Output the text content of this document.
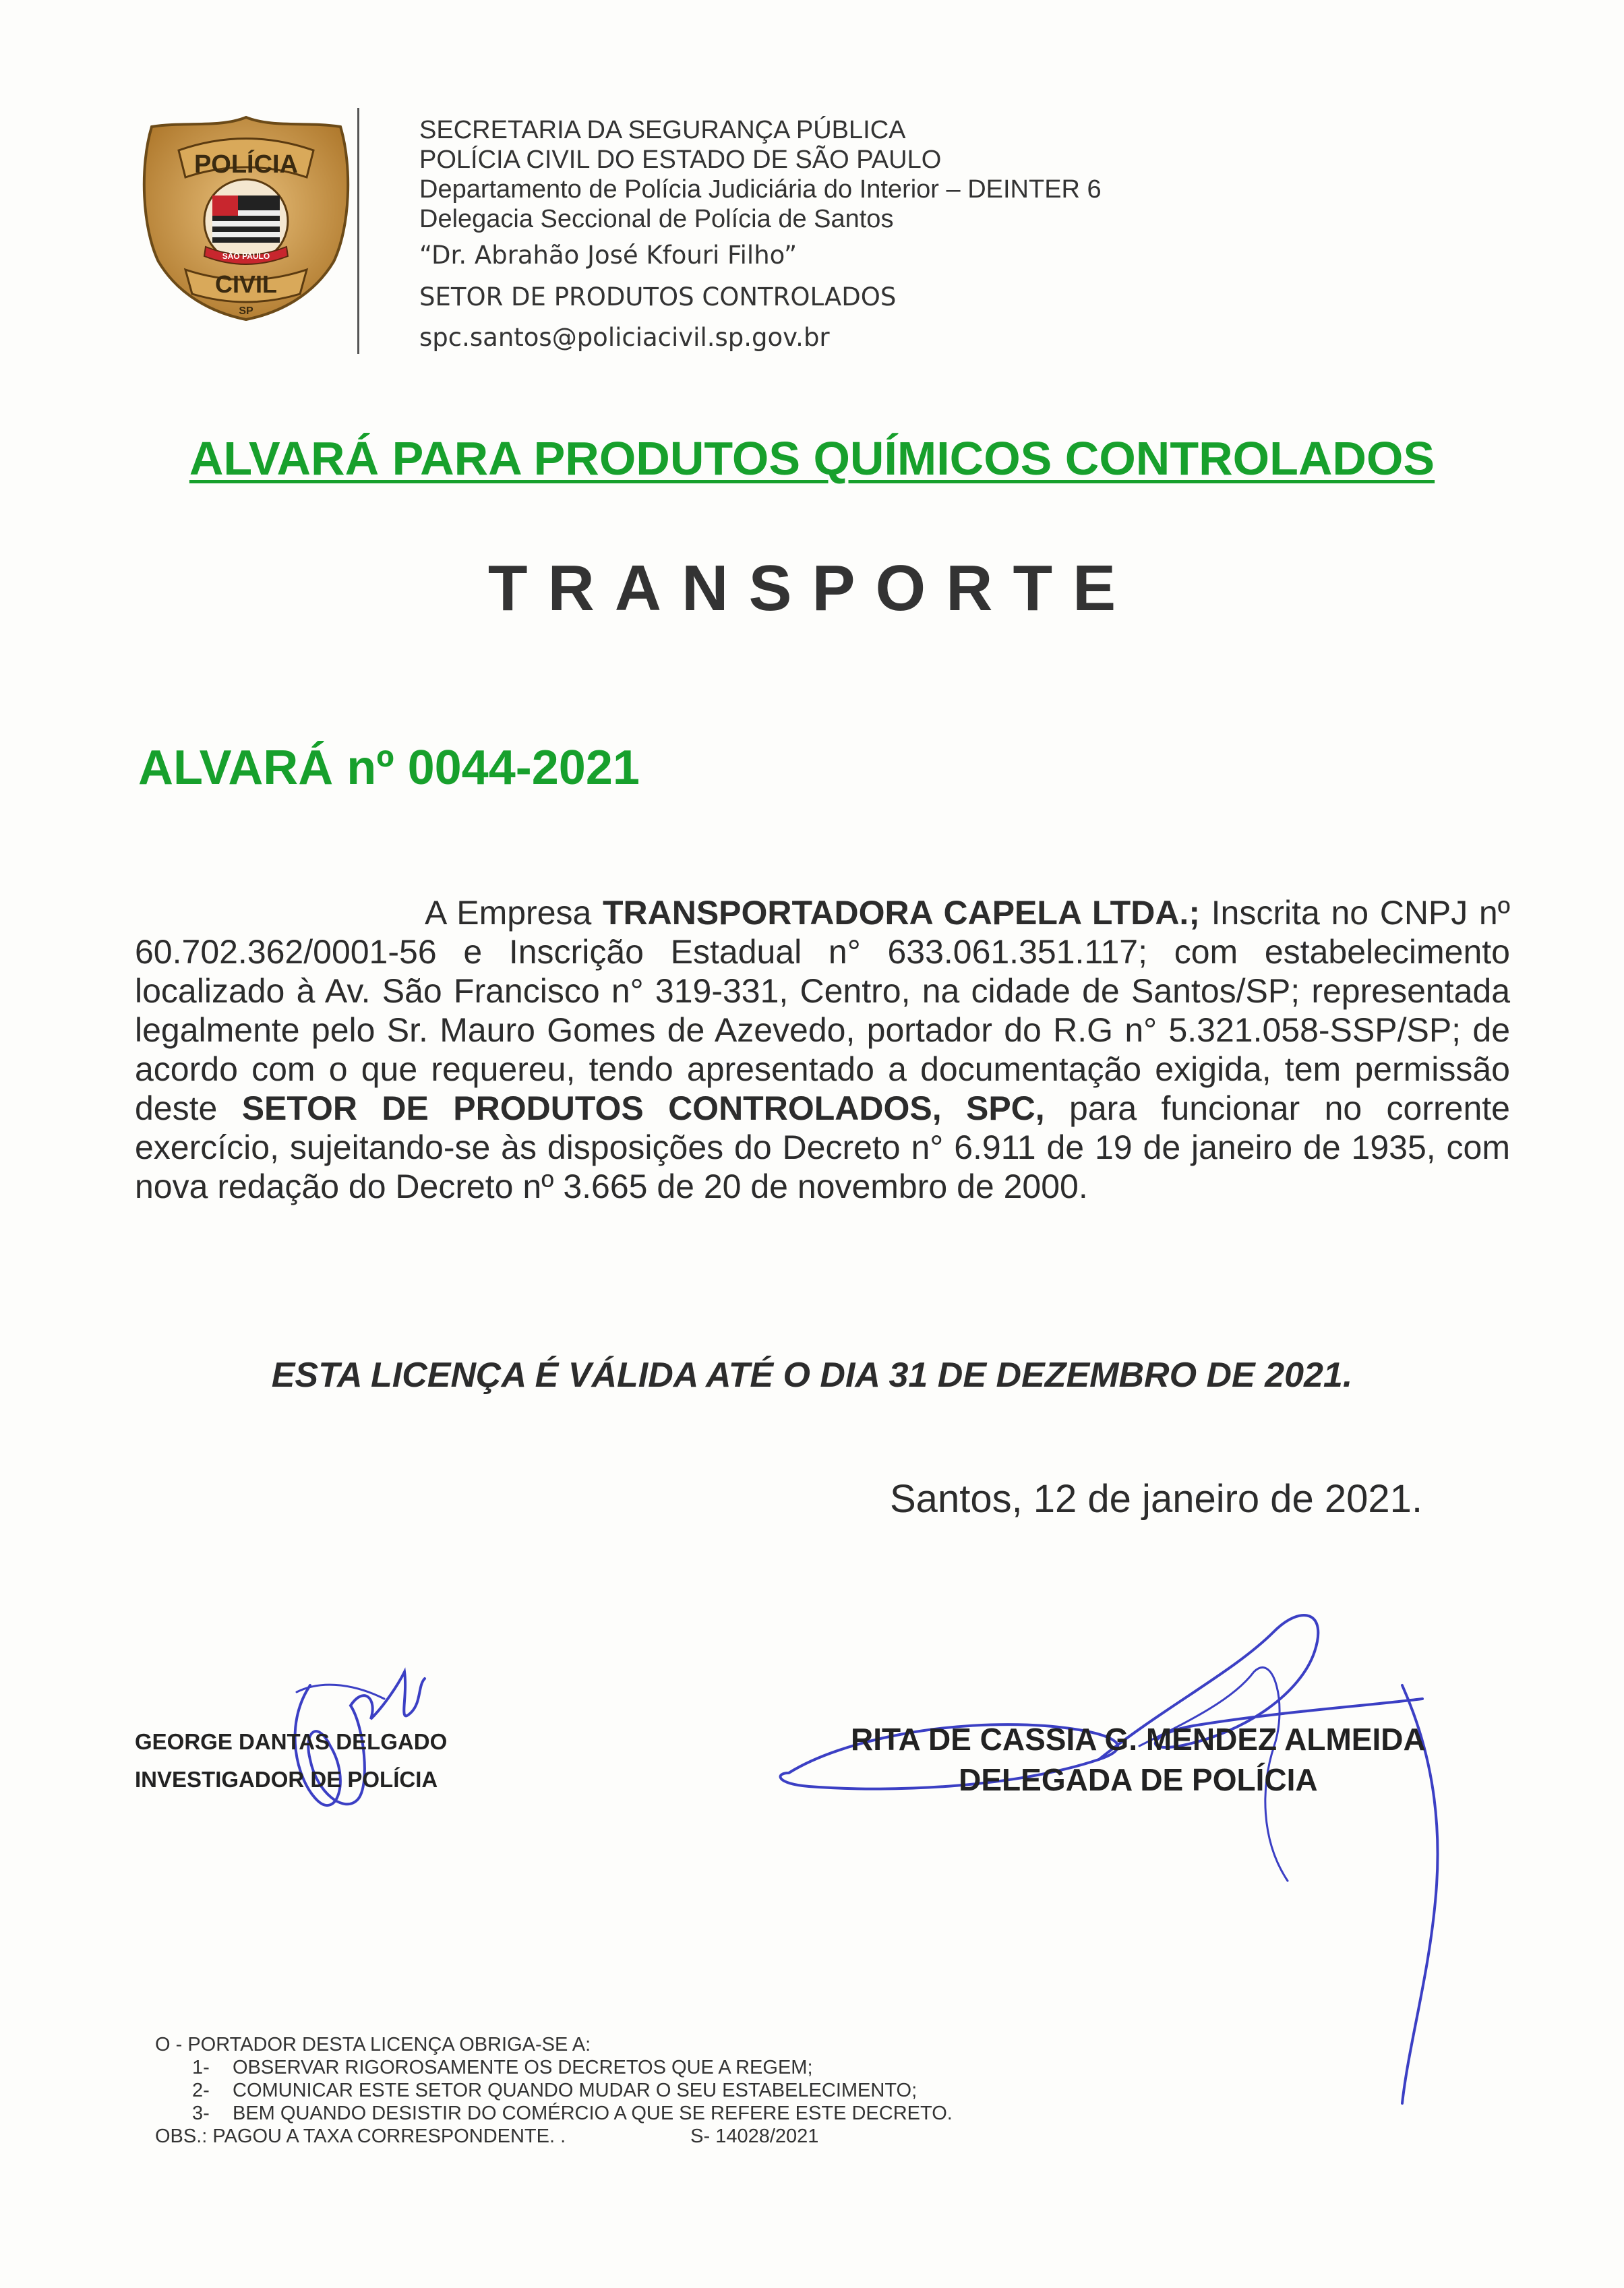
POLÍCIA
SÃO PAULO
CIVIL
SP
SECRETARIA DA SEGURANÇA PÚBLICA
POLÍCIA CIVIL DO ESTADO DE SÃO PAULO
Departamento de Polícia Judiciária do Interior – DEINTER 6
Delegacia Seccional de Polícia de Santos
“Dr. Abrahão José Kfouri Filho”
SETOR DE PRODUTOS CONTROLADOS
spc.santos@policiacivil.sp.gov.br
ALVARÁ PARA PRODUTOS QUÍMICOS CONTROLADOS
TRANSPORTE
ALVARÁ nº 0044-2021
A Empresa TRANSPORTADORA CAPELA LTDA.; Inscrita no CNPJ nº 60.702.362/0001-56 e Inscrição Estadual n° 633.061.351.117; com estabelecimento localizado à Av. São Francisco n° 319-331, Centro, na cidade de Santos/SP; representada legalmente pelo Sr. Mauro Gomes de Azevedo, portador do R.G n° 5.321.058-SSP/SP; de acordo com o que requereu, tendo apresentado a documentação exigida, tem permissão deste SETOR DE PRODUTOS CONTROLADOS, SPC, para funcionar no corrente exercício, sujeitando-se às disposições do Decreto n° 6.911 de 19 de janeiro de 1935, com nova redação do Decreto nº 3.665 de 20 de novembro de 2000.
ESTA LICENÇA É VÁLIDA ATÉ O DIA 31 DE DEZEMBRO DE 2021.
Santos, 12 de janeiro de 2021.
GEORGE DANTAS DELGADO
INVESTIGADOR DE POLÍCIA
RITA DE CASSIA G. MENDEZ ALMEIDA
DELEGADA DE POLÍCIA
O - PORTADOR DESTA LICENÇA OBRIGA-SE A:
1- OBSERVAR RIGOROSAMENTE OS DECRETOS QUE A REGEM;
2- COMUNICAR ESTE SETOR QUANDO MUDAR O SEU ESTABELECIMENTO;
3- BEM QUANDO DESISTIR DO COMÉRCIO A QUE SE REFERE ESTE DECRETO.
OBS.: PAGOU A TAXA CORRESPONDENTE. .	S- 14028/2021
